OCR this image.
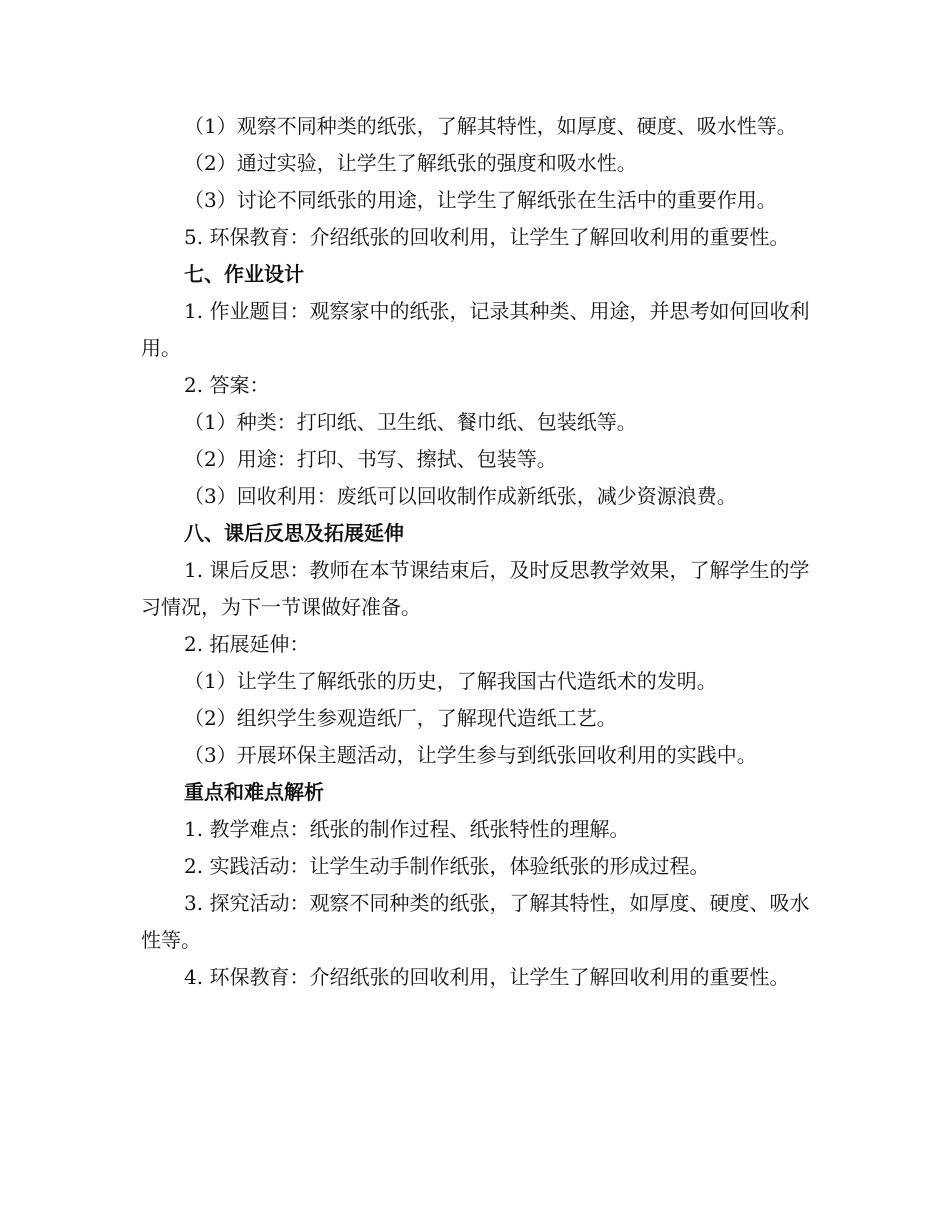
（1）观察不同种类的纸张，了解其特性，如厚度、硬度、吸水性等。

（2）通过实验，让学生了解纸张的强度和吸水性。

（3）讨论不同纸张的用途，让学生了解纸张在生活中的重要作用。

5. 环保教育：介绍纸张的回收利用，让学生了解回收利用的重要性。

七、作业设计

1. 作业题目：观察家中的纸张，记录其种类、用途，并思考如何回收利用。

2. 答案：

（1）种类：打印纸、卫生纸、餐巾纸、包装纸等。

（2）用途：打印、书写、擦拭、包装等。

（3）回收利用：废纸可以回收制作成新纸张，减少资源浪费。

八、课后反思及拓展延伸

1. 课后反思：教师在本节课结束后，及时反思教学效果，了解学生的学习情况，为下一节课做好准备。

2. 拓展延伸：

（1）让学生了解纸张的历史，了解我国古代造纸术的发明。

（2）组织学生参观造纸厂，了解现代造纸工艺。

（3）开展环保主题活动，让学生参与到纸张回收利用的实践中。

重点和难点解析

1. 教学难点：纸张的制作过程、纸张特性的理解。

2. 实践活动：让学生动手制作纸张，体验纸张的形成过程。

3. 探究活动：观察不同种类的纸张，了解其特性，如厚度、硬度、吸水性等。

4. 环保教育：介绍纸张的回收利用，让学生了解回收利用的重要性。
